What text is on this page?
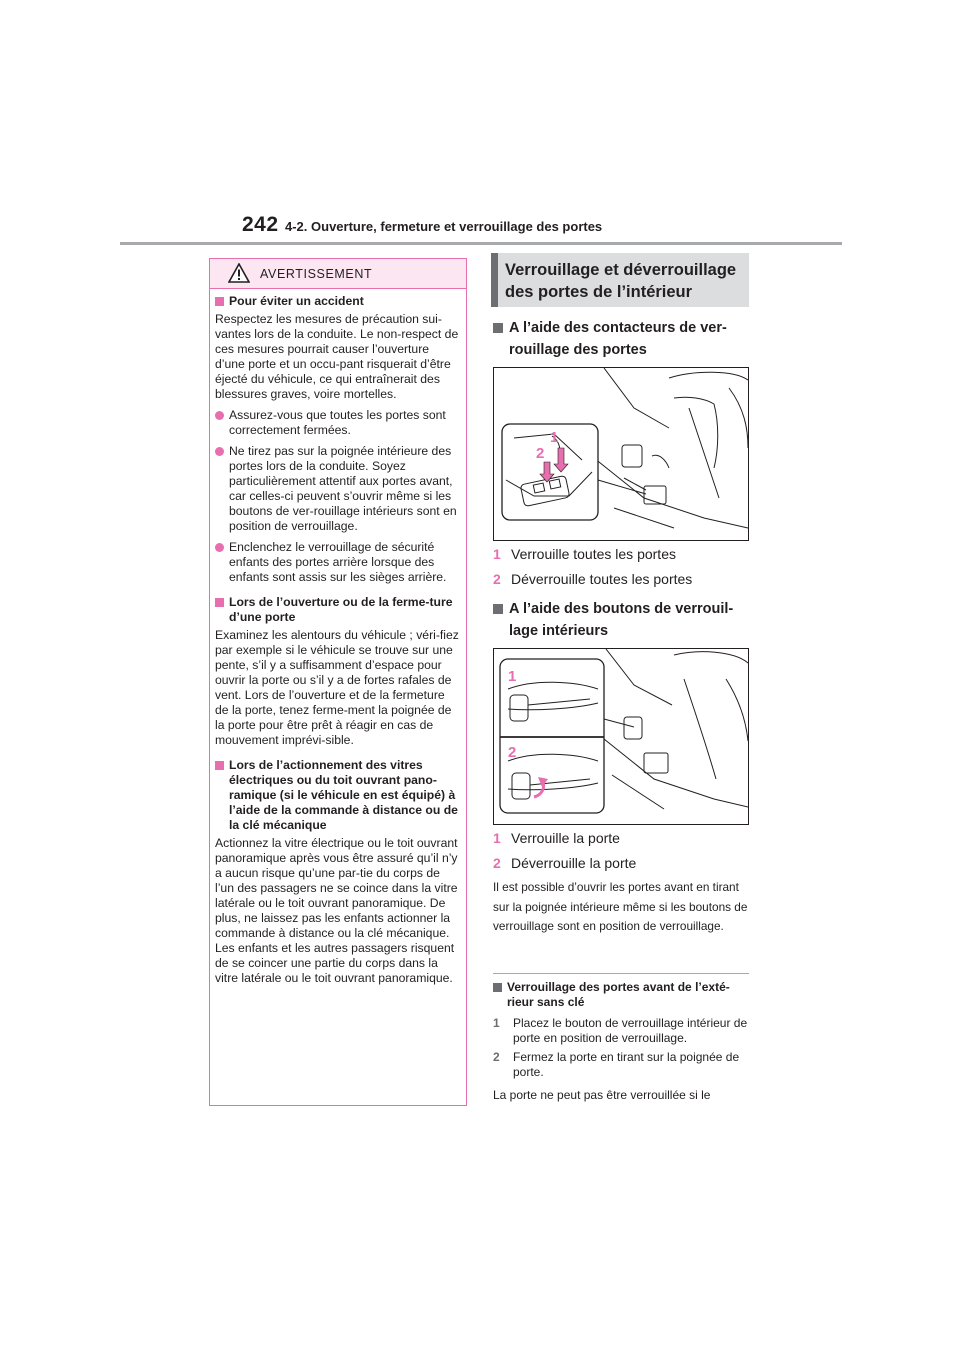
242 4-2. Ouverture, fermeture et verrouillage des portes
AVERTISSEMENT
Pour éviter un accident
Respectez les mesures de précaution sui-vantes lors de la conduite. Le non-respect de ces mesures pourrait causer l’ouverture d’une porte et un occu-pant risquerait d’être éjecté du véhicule, ce qui entraînerait des blessures graves, voire mortelles.
Assurez-vous que toutes les portes sont correctement fermées.
Ne tirez pas sur la poignée intérieure des portes lors de la conduite. Soyez particulièrement attentif aux portes avant, car celles-ci peuvent s’ouvrir même si les boutons de ver-rouillage intérieurs sont en position de verrouillage.
Enclenchez le verrouillage de sécurité enfants des portes arrière lorsque des enfants sont assis sur les sièges arrière.
Lors de l’ouverture ou de la ferme-ture d’une porte
Examinez les alentours du véhicule ; véri-fiez par exemple si le véhicule se trouve sur une pente, s’il y a suffisamment d’espace pour ouvrir la porte ou s’il y a de fortes rafales de vent. Lors de l’ouverture et de la fermeture de la porte, tenez ferme-ment la poignée de la porte pour être prêt à réagir en cas de mouvement imprévi-sible.
Lors de l’actionnement des vitres électriques ou du toit ouvrant pano-ramique (si le véhicule en est équipé) à l’aide de la commande à distance ou de la clé mécanique
Actionnez la vitre électrique ou le toit ouvrant panoramique après vous être assuré qu’il n’y a aucun risque qu’une par-tie du corps de l’un des passagers ne se coince dans la vitre latérale ou le toit ouvrant panoramique. De plus, ne laissez pas les enfants actionner la commande à distance ou la clé mécanique. Les enfants et les autres passagers risquent de se coincer une partie du corps dans la vitre latérale ou le toit ouvrant panoramique.
Verrouillage et déverrouillage des portes de l’intérieur
A l’aide des contacteurs de ver-rouillage des portes
2
1
1 Verrouille toutes les portes
2 Déverrouille toutes les portes
A l’aide des boutons de verrouil-lage intérieurs
1
2
1 Verrouille la porte
2 Déverrouille la porte
Il est possible d’ouvrir les portes avant en tirant sur la poignée intérieure même si les boutons de verrouillage sont en position de verrouillage.
Verrouillage des portes avant de l’exté-rieur sans clé
1 Placez le bouton de verrouillage intérieur de porte en position de verrouillage.
2 Fermez la porte en tirant sur la poignée de porte.
La porte ne peut pas être verrouillée si le
